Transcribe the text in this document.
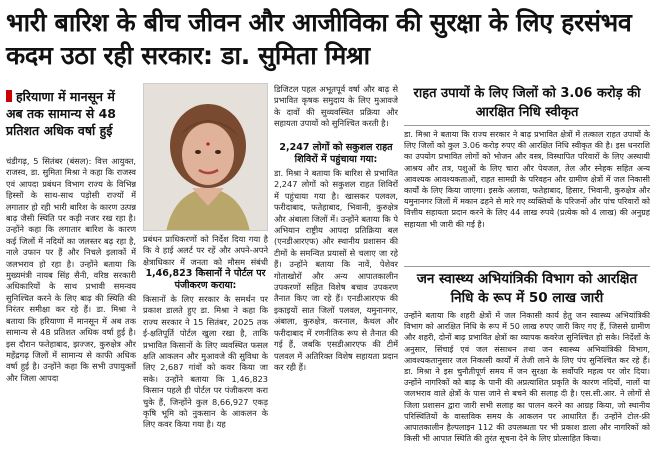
भारी बारिश के बीच जीवन और आजीविका की सुरक्षा के लिए हरसंभव कदम उठा रही सरकार: डा. सुमिता मिश्रा
हरियाणा में मानसून में अब तक सामान्य से 48 प्रतिशत अधिक वर्षा हुई
चंडीगढ़, 5 सितंबर (बंसल): वित्त आयुक्त, राजस्व, डा. सुमिता मिश्रा ने कहा कि राजस्व एवं आपदा प्रबंधन विभाग राज्य के विभिन्न हिस्सों के साथ-साथ पड़ोसी राज्यों में लगातार हो रही भारी बारिश के कारण उत्पन्न बाढ़ जैसी स्थिति पर कड़ी नजर रख रहा है। उन्होंने कहा कि लगातार बारिश के कारण कई जिलों में नदियों का जलस्तर बढ़ रहा है, नाले उफान पर हैं और निचले इलाकों में जलभराव हो रहा है। उन्होंने बताया कि मुख्यमंत्री नायब सिंह सैनी, वरिष्ठ सरकारी अधिकारियों के साथ प्रभावी समन्वय सुनिश्चित करने के लिए बाढ़ की स्थिति की निरंतर समीक्षा कर रहे हैं। डा. मिश्रा ने बताया कि हरियाणा में मानसून में अब तक सामान्य से 48 प्रतिशत अधिक वर्षा हुई है। इस दौरान फतेहाबाद, झज्जर, कुरुक्षेत्र और महेंद्रगढ़ जिलों में सामान्य से काफी अधिक वर्षा हुई है। उन्होंने कहा कि सभी उपायुक्तों और जिला आपदा
प्रबंधन प्राधिकरणों को निर्देश दिया गया है कि वे हाई अलर्ट पर रहें और अपने-अपने क्षेत्राधिकार में जनता को मौसम संबंधी
1,46,823 किसानों ने पोर्टल पर पंजीकरण कराया:
किसानों के लिए सरकार के समर्थन पर प्रकाश डालते हुए डा. मिश्रा ने कहा कि राज्य सरकार ने 15 सितंबर, 2025 तक ई-क्षतिपूर्ति पोर्टल खुला रखा है, ताकि प्रभावित किसानों के लिए व्यवस्थित फसल क्षति आकलन और मुआवजे की सुविधा के लिए 2,687 गांवों को कवर किया जा सके। उन्होंने बताया कि 1,46,823 किसान पहले ही पोर्टल पर पंजीकरण करा चुके हैं, जिन्होंने कुल 8,66,927 एकड़ कृषि भूमि को नुकसान के आकलन के लिए कवर किया गया है। यह
डिजिटल पहल अभूतपूर्व वर्षा और बाढ़ से प्रभावित कृषक समुदाय के लिए मुआवजे के दावों की सुव्यवस्थित प्रक्रिया और सहायता उपायों को सुनिश्चित करती है।
2,247 लोगों को सकुशल राहत शिविरों में पहुंचाया गया:
डा. मिश्रा ने बताया कि बारिश से प्रभावित 2,247 लोगों को सकुशल राहत शिविरों में पहुंचाया गया है। खासकर पलवल, फरीदाबाद, फतेहाबाद, भिवानी, कुरुक्षेत्र और अंबाला जिलों में। उन्होंने बताया कि पे अभियान राष्ट्रीय आपदा प्रतिक्रिया बल (एनडीआरएफ) और स्थानीय प्रशासन की टीमों के समन्वित प्रयासों से चलाए जा रहे हैं। उन्होंने बताया कि नावें, पेशेवर गोताखोरों और अन्य आपातकालीन उपकरणों सहित विशेष बचाव उपकरण तैनात किए जा रहे हैं। एनडीआरएफ की इकाइयों सात जिलों पलवल, यमुनानगर, अंबाला, कुरुक्षेत्र, करनाल, कैथल और फरीदाबाद में रणनीतिक रूप से तैनात की गई हैं, जबकि एसडीआरएफ की टीमें पलवल में अतिरिक्त विशेष सहायता प्रदान कर रही हैं।
राहत उपायों के लिए जिलों को 3.06 करोड़ की आरक्षित निधि स्वीकृत
डा. मिश्रा ने बताया कि राज्य सरकार ने बाढ़ प्रभावित क्षेत्रों में तत्काल राहत उपायों के लिए जिलों को कुल 3.06 करोड़ रुपए की आरक्षित निधि स्वीकृत की है। इस धनराशि का उपयोग प्रभावित लोगों को भोजन और वस्त्र, विस्थापित परिवारों के लिए अस्थायी आश्रय और तत्र, पशुओं के लिए चारा और पेयजल, तेल और स्नेहक सहित अन्य आवश्यक आवश्यकताओं, राहत सामग्री के परिवहन और ग्रामीण क्षेत्रों में जल निकासी कार्यों के लिए किया जाएगा। इसके अलावा, फतेहाबाद, हिसार, भिवानी, कुरुक्षेत्र और यमुनानगर जिलों में मकान ढहने से मारे गए व्यक्तियों के परिजनों और पांच परिवारों को वित्तीय सहायता प्रदान करने के लिए 44 लाख रुपये (प्रत्येक को 4 लाख) की अनुग्रह सहायता भी जारी की गई है।
जन स्वास्थ्य अभियांत्रिकी विभाग को आरक्षित निधि के रूप में 50 लाख जारी
उन्होंने बताया कि शहरी क्षेत्रों में जल निकासी कार्य हेतु जन स्वास्थ्य अभियांत्रिकी विभाग को आरक्षित निधि के रूप में 50 लाख रुपए जारी किए गए हैं, जिससे ग्रामीण और शहरी, दोनों बाढ़ प्रभावित क्षेत्रों का व्यापक कवरेज सुनिश्चित हो सके। निर्देशों के अनुसार, सिंचाई एवं जल संसाधन तथा जन स्वास्थ्य अभियांत्रिकी विभाग, आवश्यकतानुसार जल निकासी कार्यों में तेजी लाने के लिए पंप सुनिश्चित कर रहे हैं। डा. मिश्रा ने इस चुनौतीपूर्ण समय में जन सुरक्षा के सर्वोपरि महत्व पर जोर दिया। उन्होंने नागरिकों को बाढ़ के पानी की अप्रत्याशित प्रकृति के कारण नदियों, नालों या जलभराव वाले क्षेत्रों के पास जाने से बचने की सलाह दी है। एस.सी.आर. ने लोगों से जिला प्रशासन द्वारा जारी सभी सलाह का पालन करने का आग्रह किया, जो स्थानीय परिस्थितियों के वास्तविक समय के आकलन पर आधारित हैं। उन्होंने टोल-फ्री आपातकालीन हैल्पलाइन 112 की उपलब्धता पर भी प्रकाश डाला और नागरिकों को किसी भी आपात स्थिति की तुरंत सूचना देने के लिए प्रोत्साहित किया।
